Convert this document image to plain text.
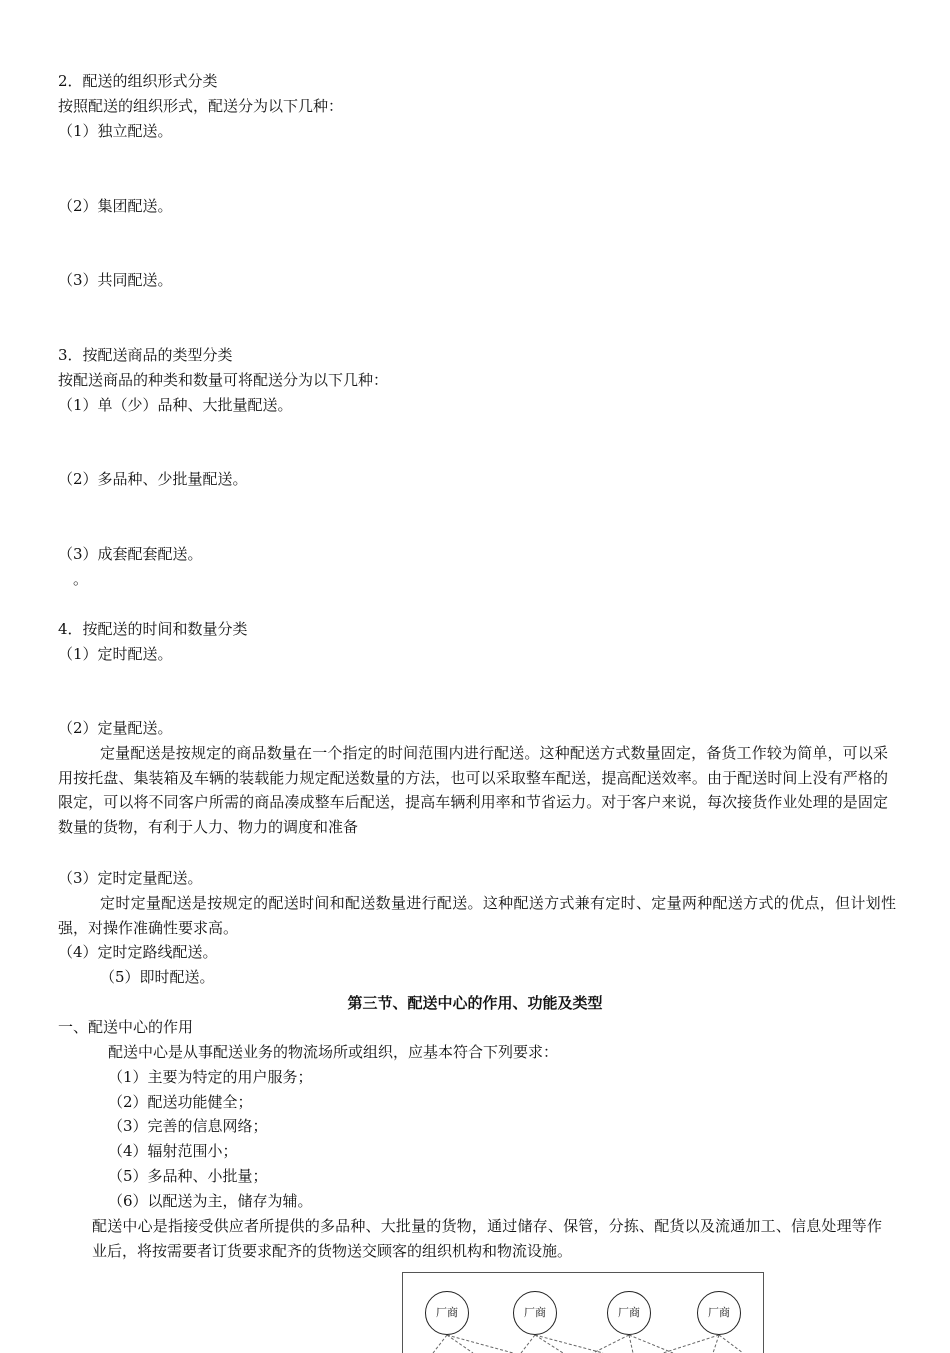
2．配送的组织形式分类
按照配送的组织形式，配送分为以下几种：
（1）独立配送。
（2）集团配送。
（3）共同配送。
3．按配送商品的类型分类
按配送商品的种类和数量可将配送分为以下几种：
（1）单（少）品种、大批量配送。
（2）多品种、少批量配送。
（3）成套配套配送。
。
4．按配送的时间和数量分类
（1）定时配送。
（2）定量配送。
定量配送是按规定的商品数量在一个指定的时间范围内进行配送。这种配送方式数量固定，备货工作较为简单，可以采用按托盘、集装箱及车辆的装载能力规定配送数量的方法，也可以采取整车配送，提高配送效率。由于配送时间上没有严格的限定，可以将不同客户所需的商品凑成整车后配送，提高车辆利用率和节省运力。对于客户来说，每次接货作业处理的是固定数量的货物，有利于人力、物力的调度和准备
（3）定时定量配送。
定时定量配送是按规定的配送时间和配送数量进行配送。这种配送方式兼有定时、定量两种配送方式的优点，但计划性强，对操作准确性要求高。
（4）定时定路线配送。
（5）即时配送。
第三节、配送中心的作用、功能及类型
一、配送中心的作用
配送中心是从事配送业务的物流场所或组织，应基本符合下列要求：
（1）主要为特定的用户服务；
（2）配送功能健全；
（3）完善的信息网络；
（4）辐射范围小；
（5）多品种、小批量；
（6）以配送为主，储存为辅。
配送中心是指接受供应者所提供的多品种、大批量的货物，通过储存、保管，分拣、配货以及流通加工、信息处理等作业后，将按需要者订货要求配齐的货物送交顾客的组织机构和物流设施。
厂商	厂商	厂商	厂商
